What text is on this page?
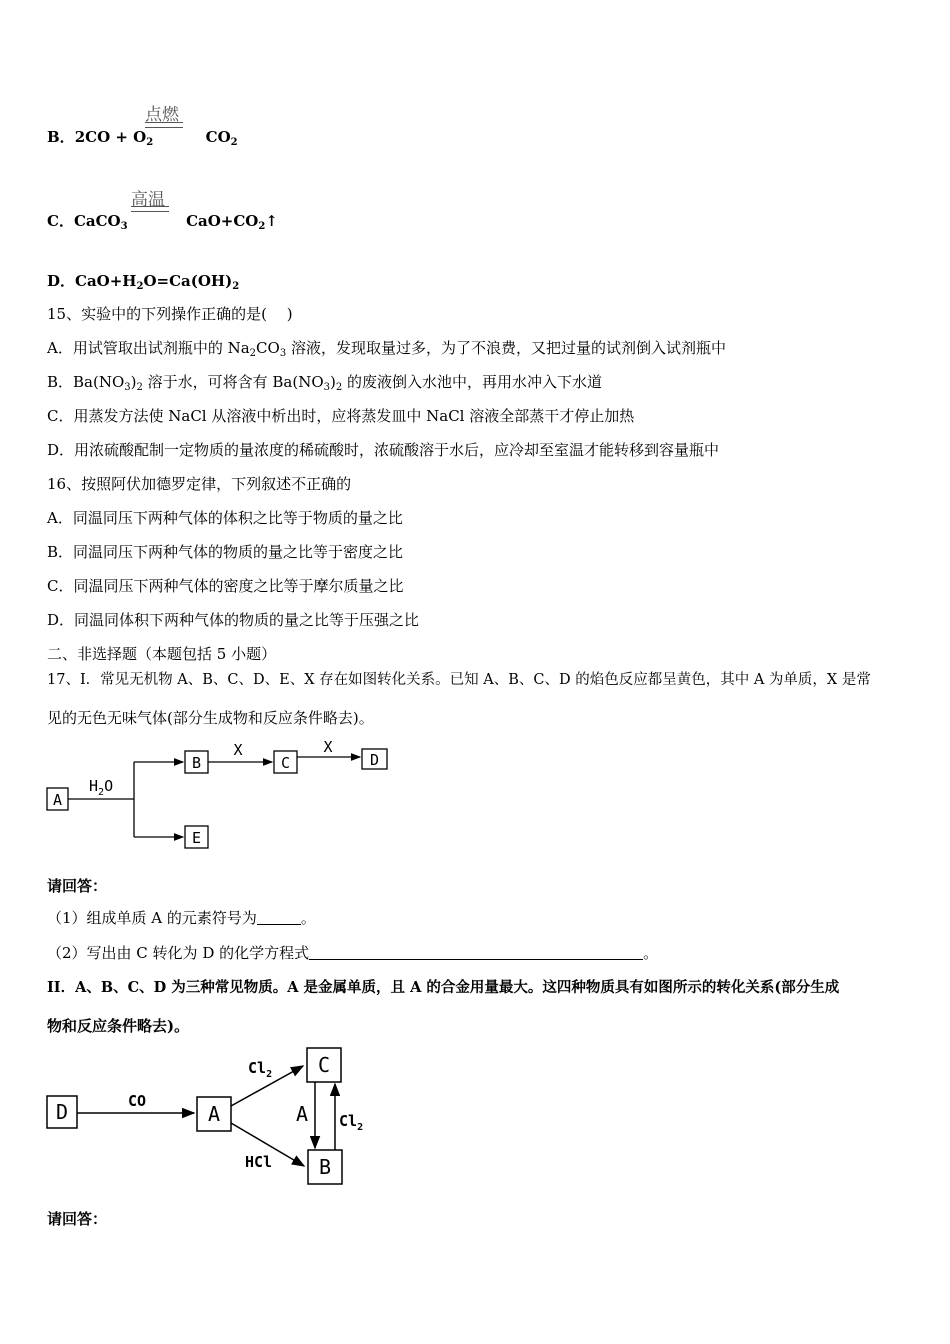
B．$2CO + O_2$	$CO_2$
点燃
C．CaCO$_3$	$CaO+CO_2↑$
高温
D．$CaO+H_2O=Ca(OH)_2$
15、实验中的下列操作正确的是(　 )
A．用试管取出试剂瓶中的 $Na_2CO_3$ 溶液，发现取量过多，为了不浪费，又把过量的试剂倒入试剂瓶中
B．$Ba(NO_3)_2$ 溶于水，可将含有 $Ba(NO_3)_2$ 的废液倒入水池中，再用水冲入下水道
C．用蒸发方法使 NaCl 从溶液中析出时，应将蒸发皿中 NaCl 溶液全部蒸干才停止加热
D．用浓硫酸配制一定物质的量浓度的稀硫酸时，浓硫酸溶于水后，应冷却至室温才能转移到容量瓶中
16、按照阿伏加德罗定律，下列叙述不正确的
A．同温同压下两种气体的体积之比等于物质的量之比
B．同温同压下两种气体的物质的量之比等于密度之比
C．同温同压下两种气体的密度之比等于摩尔质量之比
D．同温同体积下两种气体的物质的量之比等于压强之比
二、非选择题（本题包括 5 小题）
17、I．常见无机物 A、B、C、D、E、X 存在如图转化关系。已知 A、B、C、D 的焰色反应都呈黄色，其中 A 为单质，X 是常
见的无色无味气体(部分生成物和反应条件略去)。
A
$H_2O$
B
X
C
X
D
E
请回答：
（1）组成单质 A 的元素符号为	。
（2）写出由 C 转化为 D 的化学方程式	。
II．A、B、C、D 为三种常见物质。A 是金属单质，且 A 的合金用量最大。这四种物质具有如图所示的转化关系(部分生成
物和反应条件略去)。
D	CO
A
$Cl_2$
HCl
C
B
A $Cl_2$
请回答：
